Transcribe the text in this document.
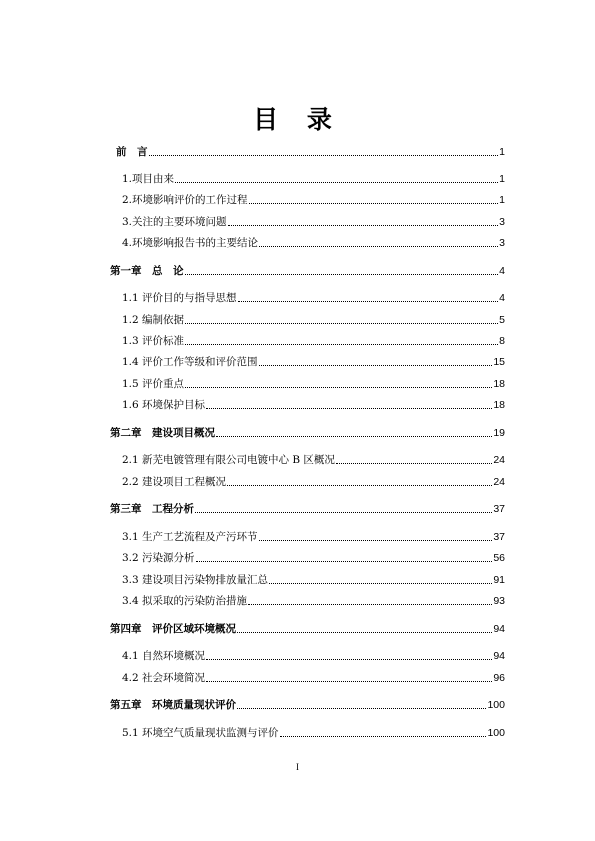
目 录
前　言	1
1.项目由来	1
2.环境影响评价的工作过程	1
3.关注的主要环境问题	3
4.环境影响报告书的主要结论	3
第一章　总　论	4
1.1 评价目的与指导思想	4
1.2 编制依据	5
1.3 评价标准	8
1.4 评价工作等级和评价范围	15
1.5 评价重点	18
1.6 环境保护目标	18
第二章　建设项目概况	19
2.1 新芜电镀管理有限公司电镀中心 B 区概况	24
2.2 建设项目工程概况	24
第三章　工程分析	37
3.1 生产工艺流程及产污环节	37
3.2 污染源分析	56
3.3 建设项目污染物排放量汇总	91
3.4 拟采取的污染防治措施	93
第四章　评价区域环境概况	94
4.1 自然环境概况	94
4.2 社会环境简况	96
第五章　环境质量现状评价	100
5.1 环境空气质量现状监测与评价	100
I
